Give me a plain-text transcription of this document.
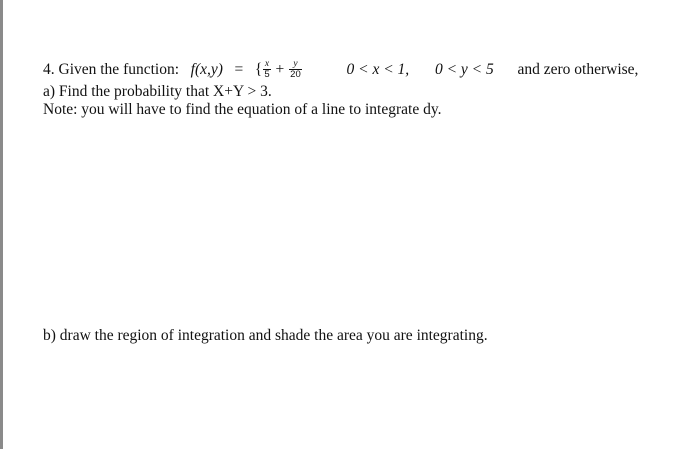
4. Given the function: f(x,y) = { $\frac{x}{5} + \frac{y}{20}$	0 < x < 1, 0 < y < 5 and zero otherwise,
a) Find the probability that X+Y > 3.
Note: you will have to find the equation of a line to integrate dy.
b) draw the region of integration and shade the area you are integrating.
